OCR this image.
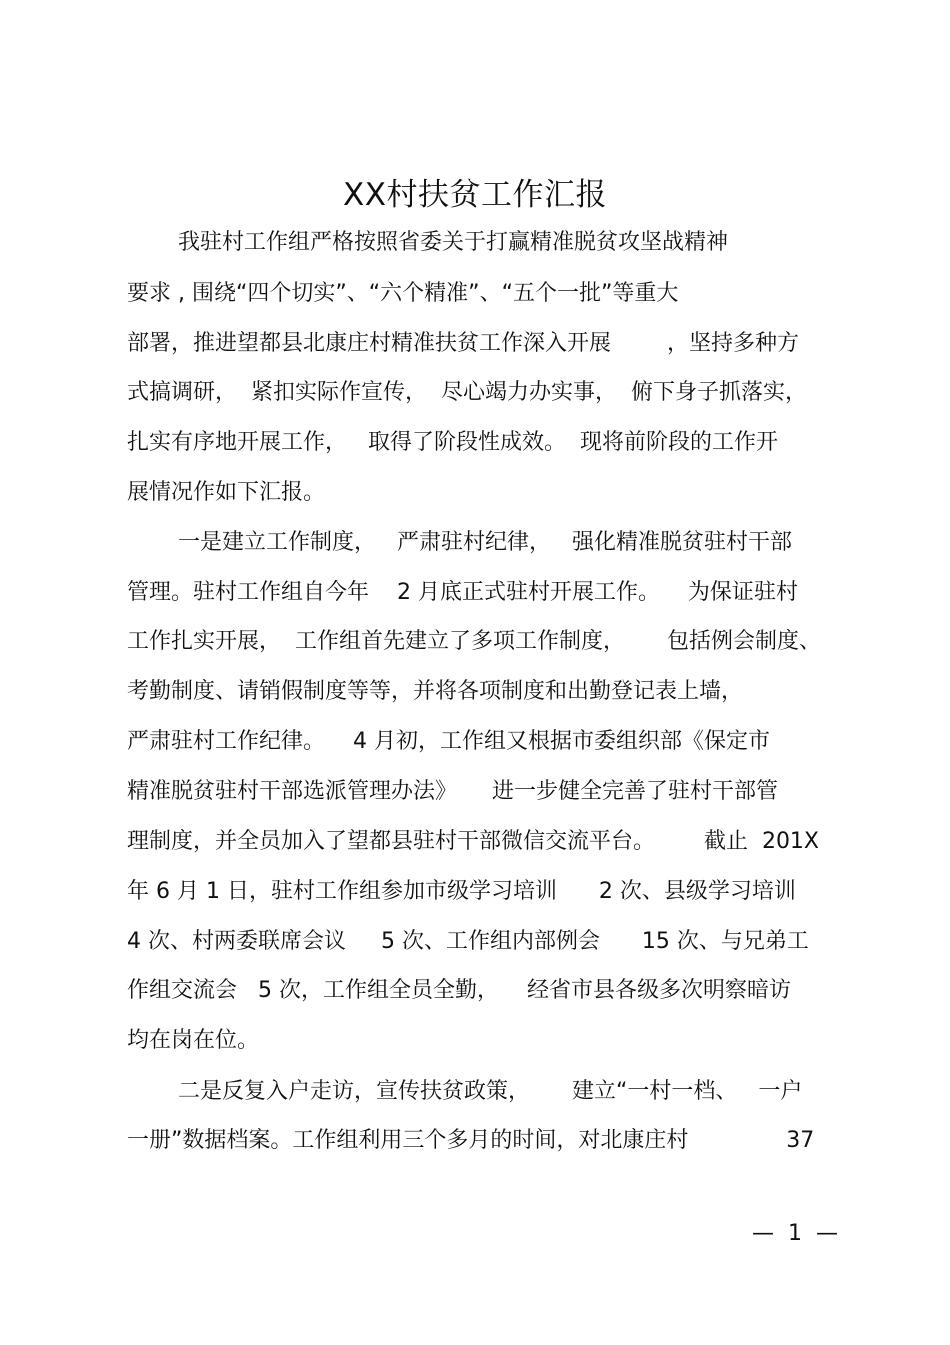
XX村扶贫工作汇报
我驻村工作组严格按照省委关于打赢精准脱贫攻坚战精神
要求 , 围绕“四个切实”、“六个精准”、“五个一批”等重大
部署，推进望都县北康庄村精准扶贫工作深入开展        ，坚持多种方
式搞调研，  紧扣实际作宣传，  尽心竭力办实事，  俯下身子抓落实，
扎实有序地开展工作，   取得了阶段性成效。  现将前阶段的工作开
展情况作如下汇报。
一是建立工作制度，   严肃驻村纪律，   强化精准脱贫驻村干部
管理。驻村工作组自今年    2 月底正式驻村开展工作。    为保证驻村
工作扎实开展，  工作组首先建立了多项工作制度，      包括例会制度、
考勤制度、请销假制度等等，并将各项制度和出勤登记表上墙，
严肃驻村工作纪律。    4 月初，工作组又根据市委组织部《保定市
精准脱贫驻村干部选派管理办法》     进一步健全完善了驻村干部管
理制度，并全员加入了望都县驻村干部微信交流平台。       截止  201X
年 6 月 1 日，驻村工作组参加市级学习培训      2 次、县级学习培训
4 次、村两委联席会议     5 次、工作组内部例会      15 次、与兄弟工
作组交流会   5 次，工作组全员全勤，    经省市县各级多次明察暗访
均在岗在位。
二是反复入户走访，宣传扶贫政策，      建立“一村一档、   一户
一册”数据档案。工作组利用三个多月的时间，对北康庄村              37
—  1  —
